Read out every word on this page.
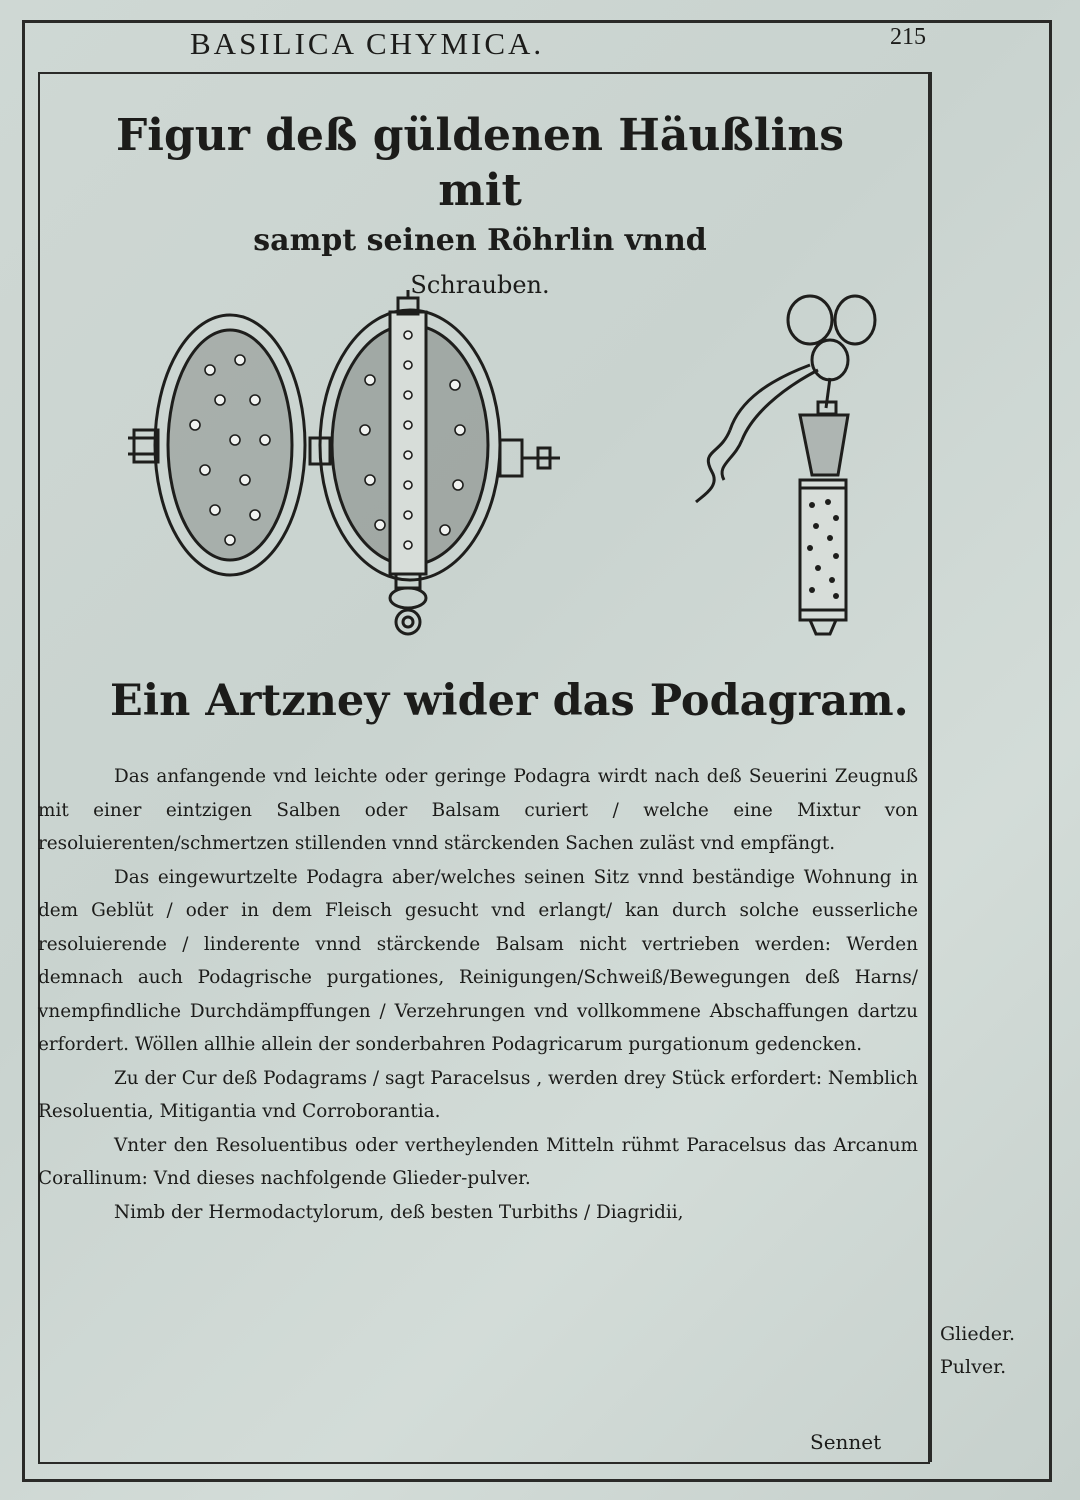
BASILICA CHYMICA.	215
Figur deß güldenen Häußlins mit
sampt seinen Röhrlin vnnd
Schrauben.
Ein Artzney wider das Podagram.

Das anfangende vnd leichte oder geringe Podagra wirdt nach deß Seuerini Zeugnuß mit einer eintzigen Salben oder Balsam curiert / welche eine Mixtur von resoluierenten/schmertzen stillenden vnnd stärckenden Sachen zuläst vnd empfängt.

Das eingewurtzelte Podagra aber/welches seinen Sitz vnnd beständige Wohnung in dem Geblüt / oder in dem Fleisch gesucht vnd erlangt/ kan durch solche eusserliche resoluierende / linderente vnnd stärckende Balsam nicht vertrieben werden: Werden demnach auch Podagrische purgationes, Reinigungen/Schweiß/Bewegungen deß Harns/ vnempfindliche Durchdämpffungen / Verzehrungen vnd vollkommene Abschaffungen dartzu erfordert. Wöllen allhie allein der sonderbahren Podagricarum purgationum gedencken.

Zu der Cur deß Podagrams / sagt Paracelsus , werden drey Stück erfordert: Nemblich Resoluentia, Mitigantia vnd Corroborantia.

Vnter den Resoluentibus oder vertheylenden Mitteln rühmt Paracelsus das Arcanum Corallinum: Vnd dieses nachfolgende Glieder-pulver.

Nimb der Hermodactylorum, deß besten Turbiths / Diagridii,

Glieder.
Pulver.
Sennet
